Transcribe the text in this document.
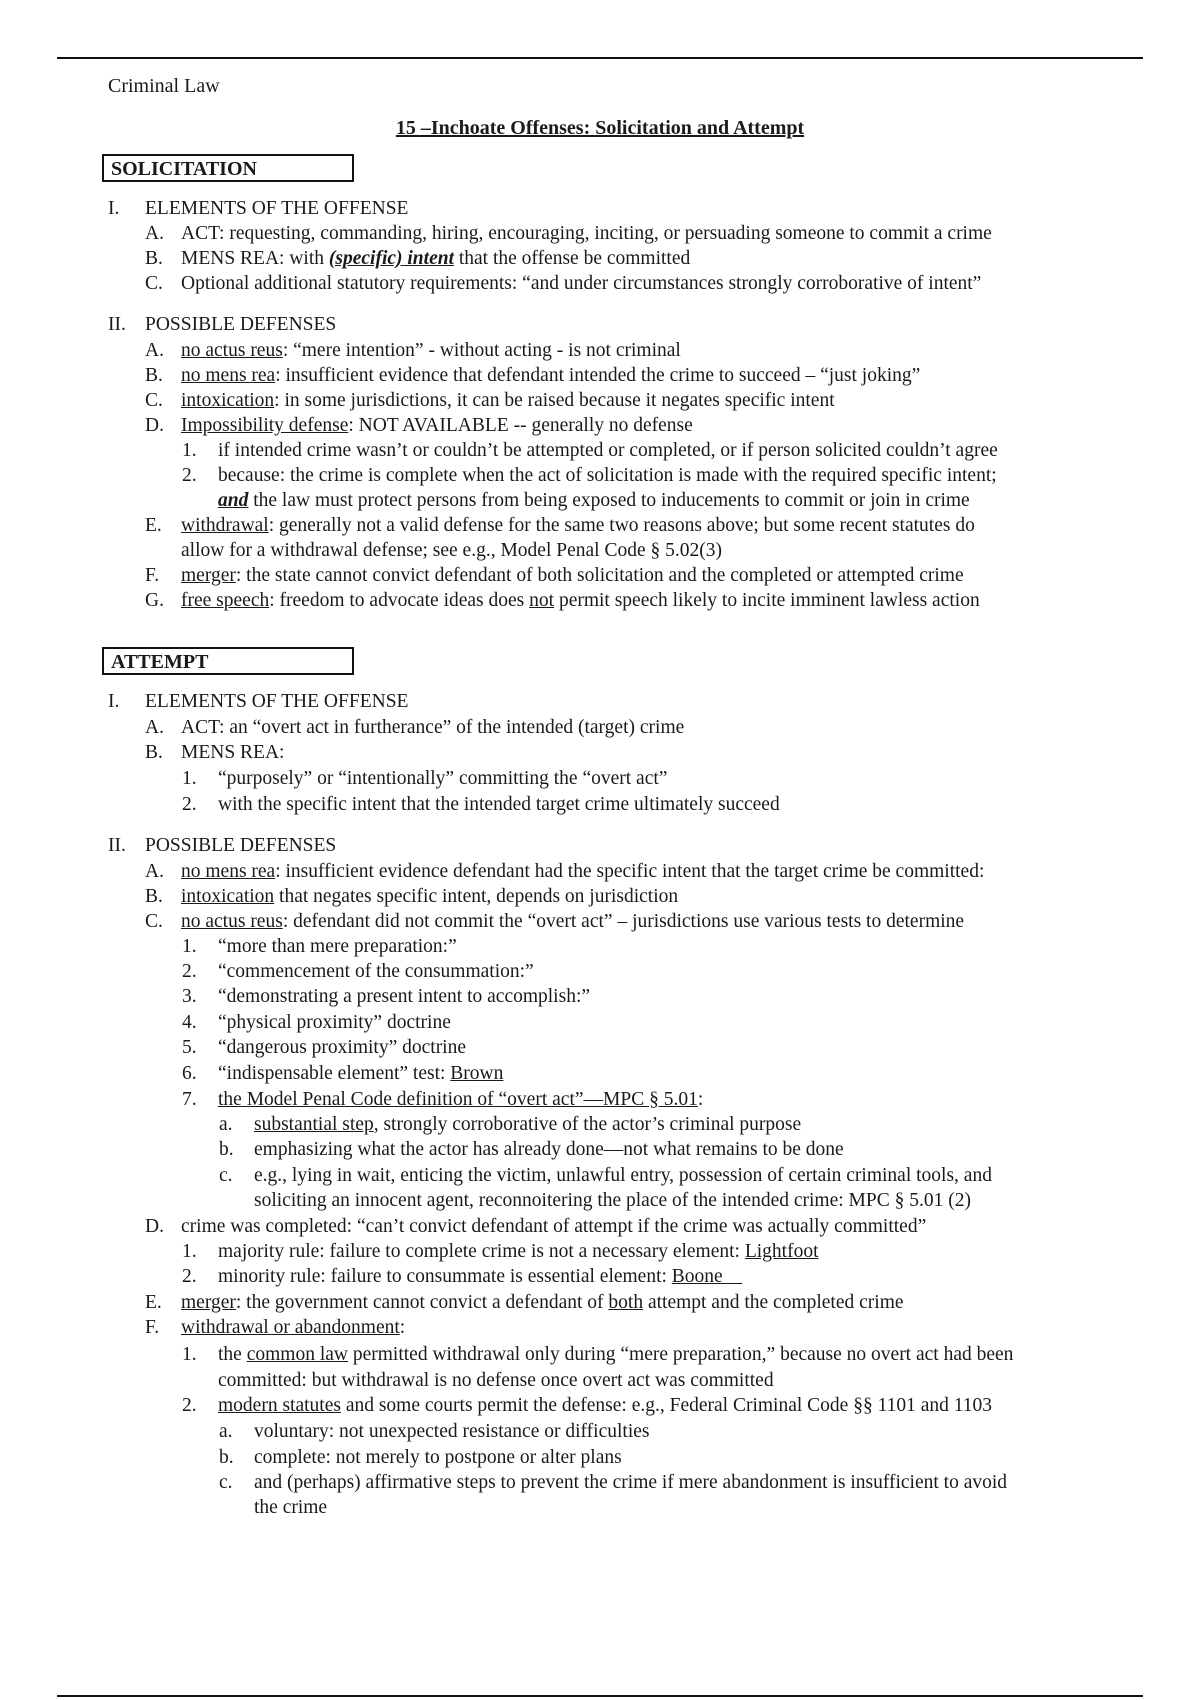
Criminal Law
15 –Inchoate Offenses: Solicitation and Attempt
SOLICITATION
I. ELEMENTS OF THE OFFENSE
A. ACT: requesting, commanding, hiring, encouraging, inciting, or persuading someone to commit a crime
B. MENS REA: with (specific) intent that the offense be committed
C. Optional additional statutory requirements: “and under circumstances strongly corroborative of intent”
II. POSSIBLE DEFENSES
A. no actus reus: “mere intention” - without acting - is not criminal
B. no mens rea: insufficient evidence that defendant intended the crime to succeed – “just joking”
C. intoxication: in some jurisdictions, it can be raised because it negates specific intent
D. Impossibility defense: NOT AVAILABLE -- generally no defense
1. if intended crime wasn’t or couldn’t be attempted or completed, or if person solicited couldn’t agree
2. because: the crime is complete when the act of solicitation is made with the required specific intent;
and the law must protect persons from being exposed to inducements to commit or join in crime
E. withdrawal: generally not a valid defense for the same two reasons above; but some recent statutes do
allow for a withdrawal defense; see e.g., Model Penal Code § 5.02(3)
F. merger: the state cannot convict defendant of both solicitation and the completed or attempted crime
G. free speech: freedom to advocate ideas does not permit speech likely to incite imminent lawless action
ATTEMPT
I. ELEMENTS OF THE OFFENSE
A. ACT: an “overt act in furtherance” of the intended (target) crime
B. MENS REA:
1. “purposely” or “intentionally” committing the “overt act”
2. with the specific intent that the intended target crime ultimately succeed
II. POSSIBLE DEFENSES
A. no mens rea: insufficient evidence defendant had the specific intent that the target crime be committed:
B. intoxication that negates specific intent, depends on jurisdiction
C. no actus reus: defendant did not commit the “overt act” – jurisdictions use various tests to determine
1. “more than mere preparation:”
2. “commencement of the consummation:”
3. “demonstrating a present intent to accomplish:”
4. “physical proximity” doctrine
5. “dangerous proximity” doctrine
6. “indispensable element” test: Brown
7. the Model Penal Code definition of “overt act”—MPC § 5.01:
a. substantial step, strongly corroborative of the actor’s criminal purpose
b. emphasizing what the actor has already done—not what remains to be done
c. e.g., lying in wait, enticing the victim, unlawful entry, possession of certain criminal tools, and
soliciting an innocent agent, reconnoitering the place of the intended crime: MPC § 5.01 (2)
D. crime was completed: “can’t convict defendant of attempt if the crime was actually committed”
1. majority rule: failure to complete crime is not a necessary element: Lightfoot
2. minority rule: failure to consummate is essential element: Boone
E. merger: the government cannot convict a defendant of both attempt and the completed crime
F. withdrawal or abandonment:
1. the common law permitted withdrawal only during “mere preparation,” because no overt act had been
committed: but withdrawal is no defense once overt act was committed
2. modern statutes and some courts permit the defense: e.g., Federal Criminal Code §§ 1101 and 1103
a. voluntary: not unexpected resistance or difficulties
b. complete: not merely to postpone or alter plans
c. and (perhaps) affirmative steps to prevent the crime if mere abandonment is insufficient to avoid
the crime
